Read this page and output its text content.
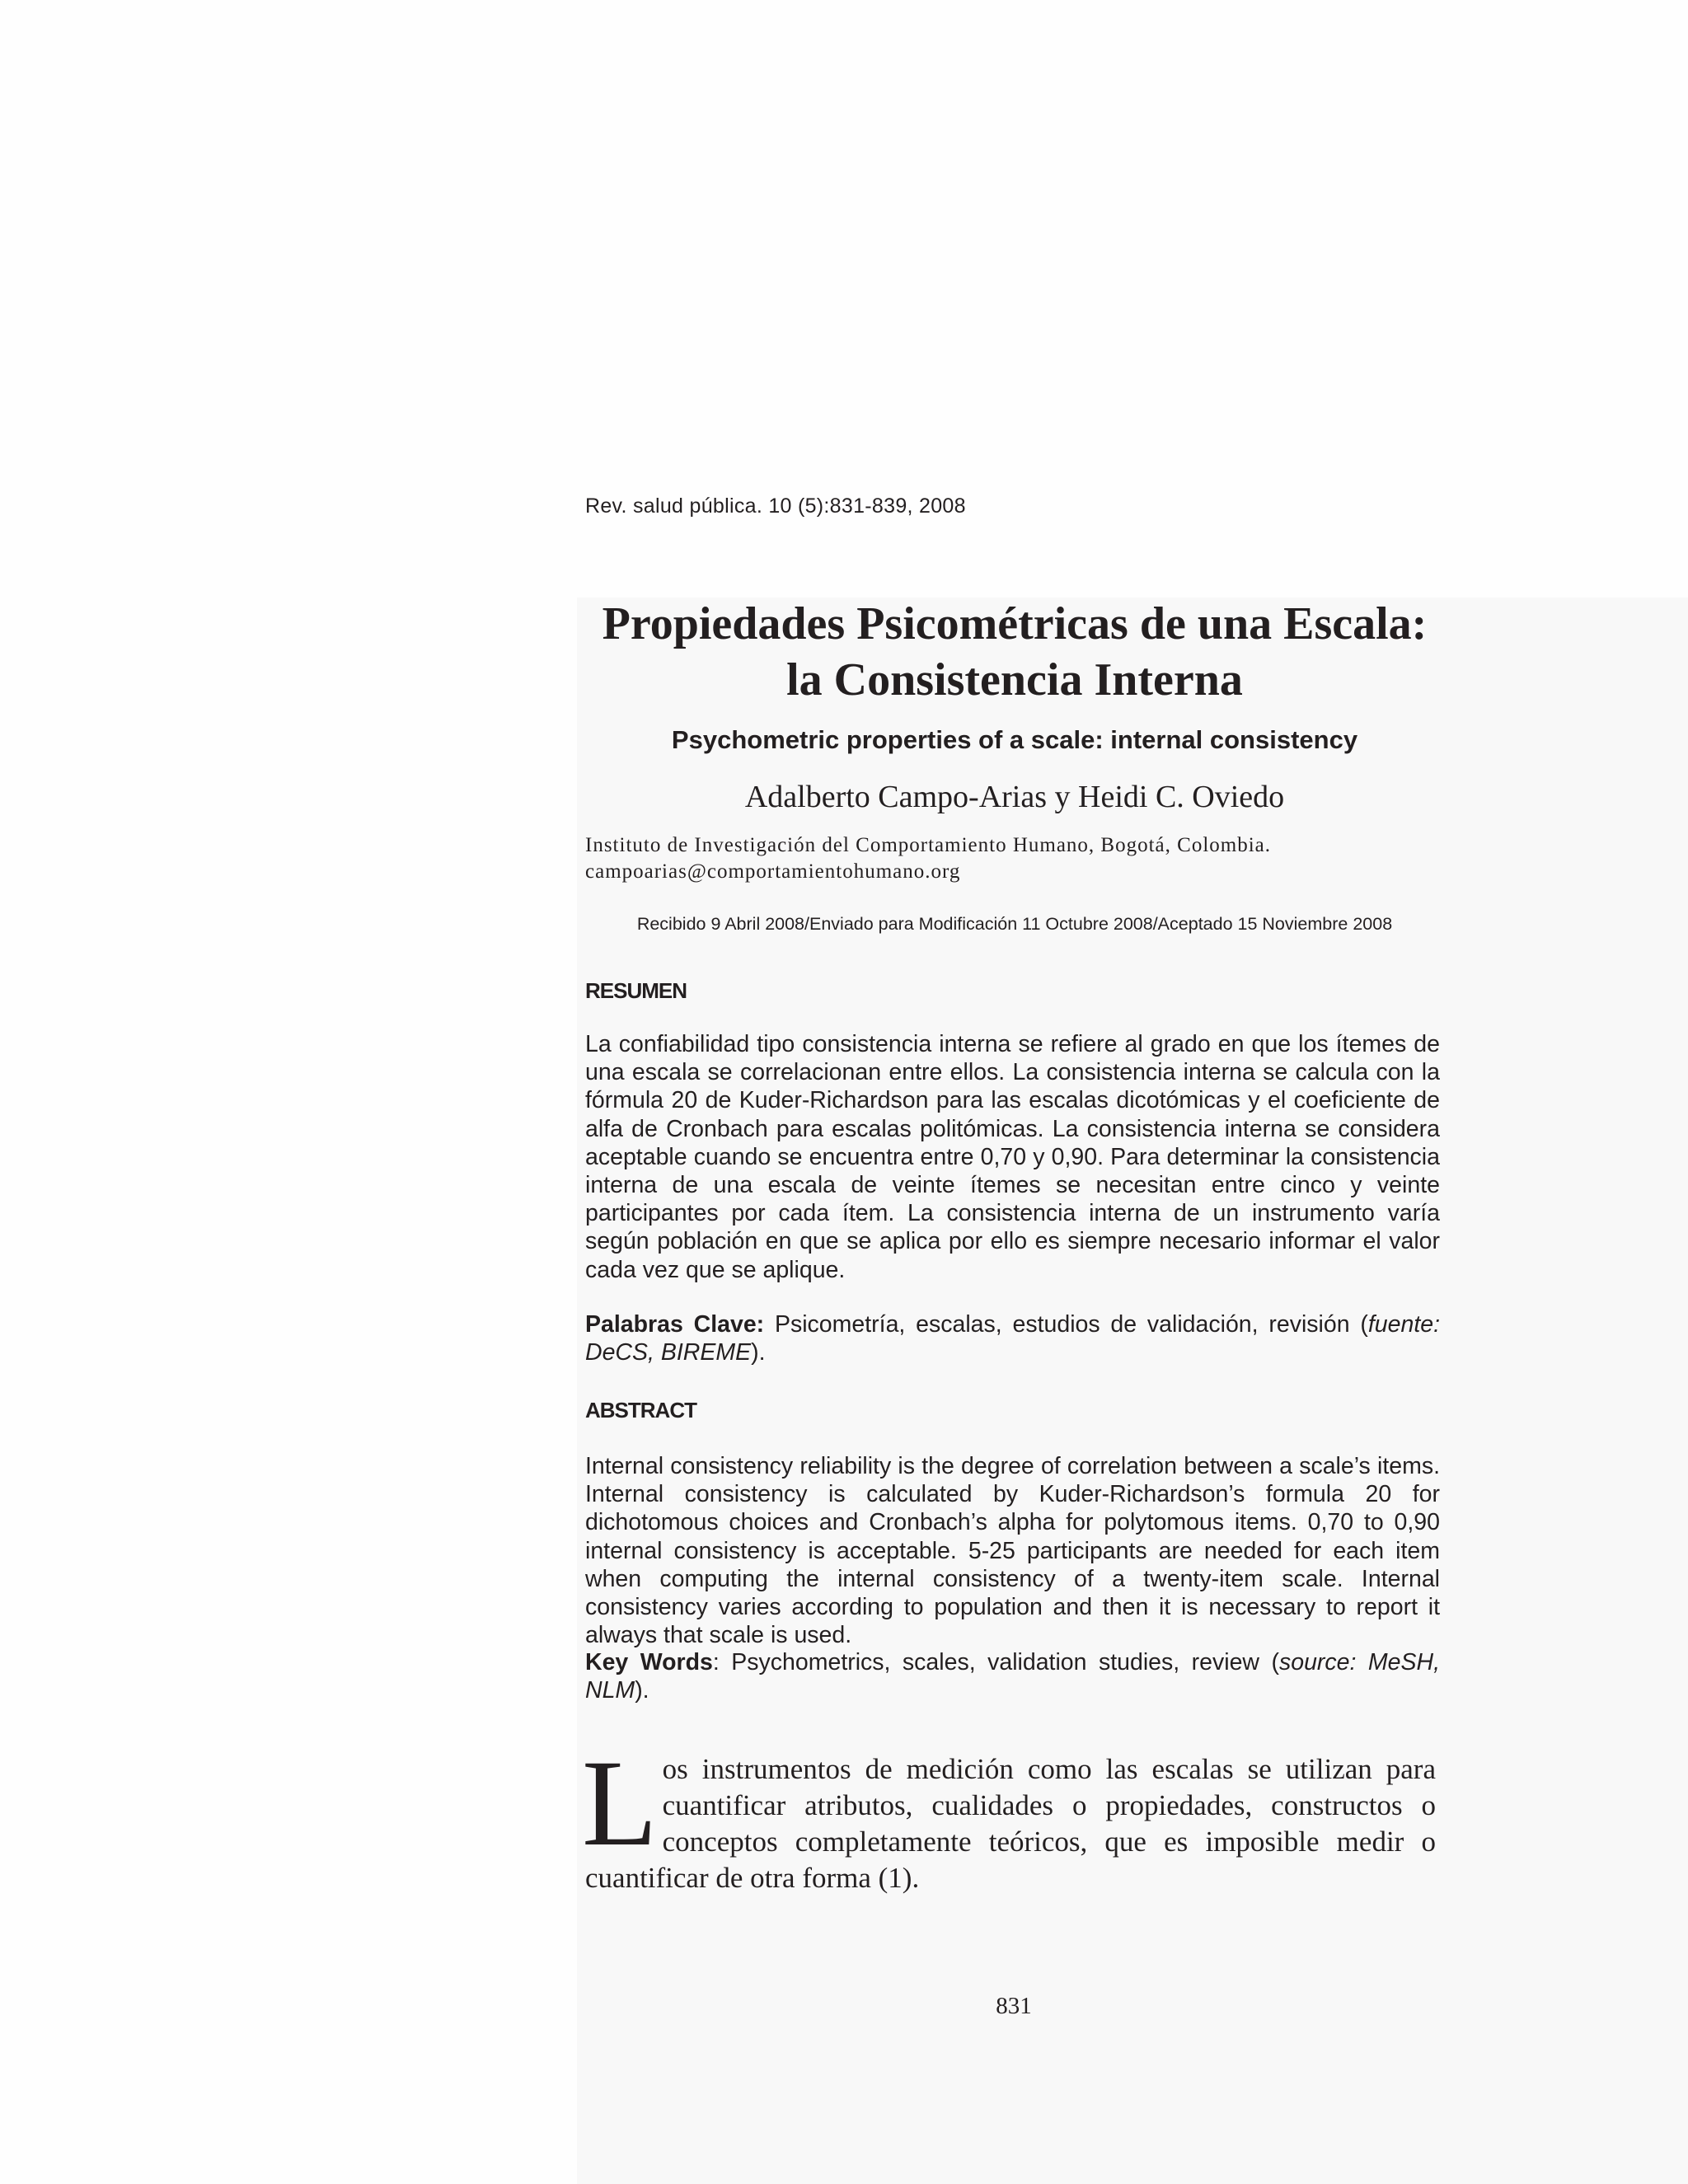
Rev. salud pública. 10 (5):831-839, 2008
Propiedades Psicométricas de una Escala:
la Consistencia Interna
Psychometric properties of a scale: internal consistency
Adalberto Campo-Arias y Heidi C. Oviedo
Instituto de Investigación del Comportamiento Humano, Bogotá, Colombia.
campoarias@comportamientohumano.org
Recibido 9 Abril 2008/Enviado para Modificación 11 Octubre 2008/Aceptado 15 Noviembre 2008
RESUMEN

La confiabilidad tipo consistencia interna se refiere al grado en que los ítemes de una escala se correlacionan entre ellos. La consistencia interna se calcula con la fórmula 20 de Kuder-Richardson para las escalas dicotómicas y el coeficiente de alfa de Cronbach para escalas politómicas. La consistencia interna se considera aceptable cuando se encuentra entre 0,70 y 0,90. Para determinar la consistencia interna de una escala de veinte ítemes se necesitan entre cinco y veinte participantes por cada ítem. La consistencia interna de un instrumento varía según población en que se aplica por ello es siempre necesario informar el valor cada vez que se aplique.

Palabras Clave: Psicometría, escalas, estudios de validación, revisión (fuente: DeCS, BIREME).

ABSTRACT

Internal consistency reliability is the degree of correlation between a scale’s items. Internal consistency is calculated by Kuder-Richardson’s formula 20 for dichotomous choices and Cronbach’s alpha for polytomous items. 0,70 to 0,90 internal consistency is acceptable. 5-25 participants are needed for each item when computing the internal consistency of a twenty-item scale. Internal consistency varies according to population and then it is necessary to report it always that scale is used.

Key Words: Psychometrics, scales, validation studies, review (source: MeSH, NLM).

Los instrumentos de medición como las escalas se utilizan para cuantificar atributos, cualidades o propiedades, constructos o conceptos completamente teóricos, que es imposible medir o cuantificar de otra forma (1).

831
